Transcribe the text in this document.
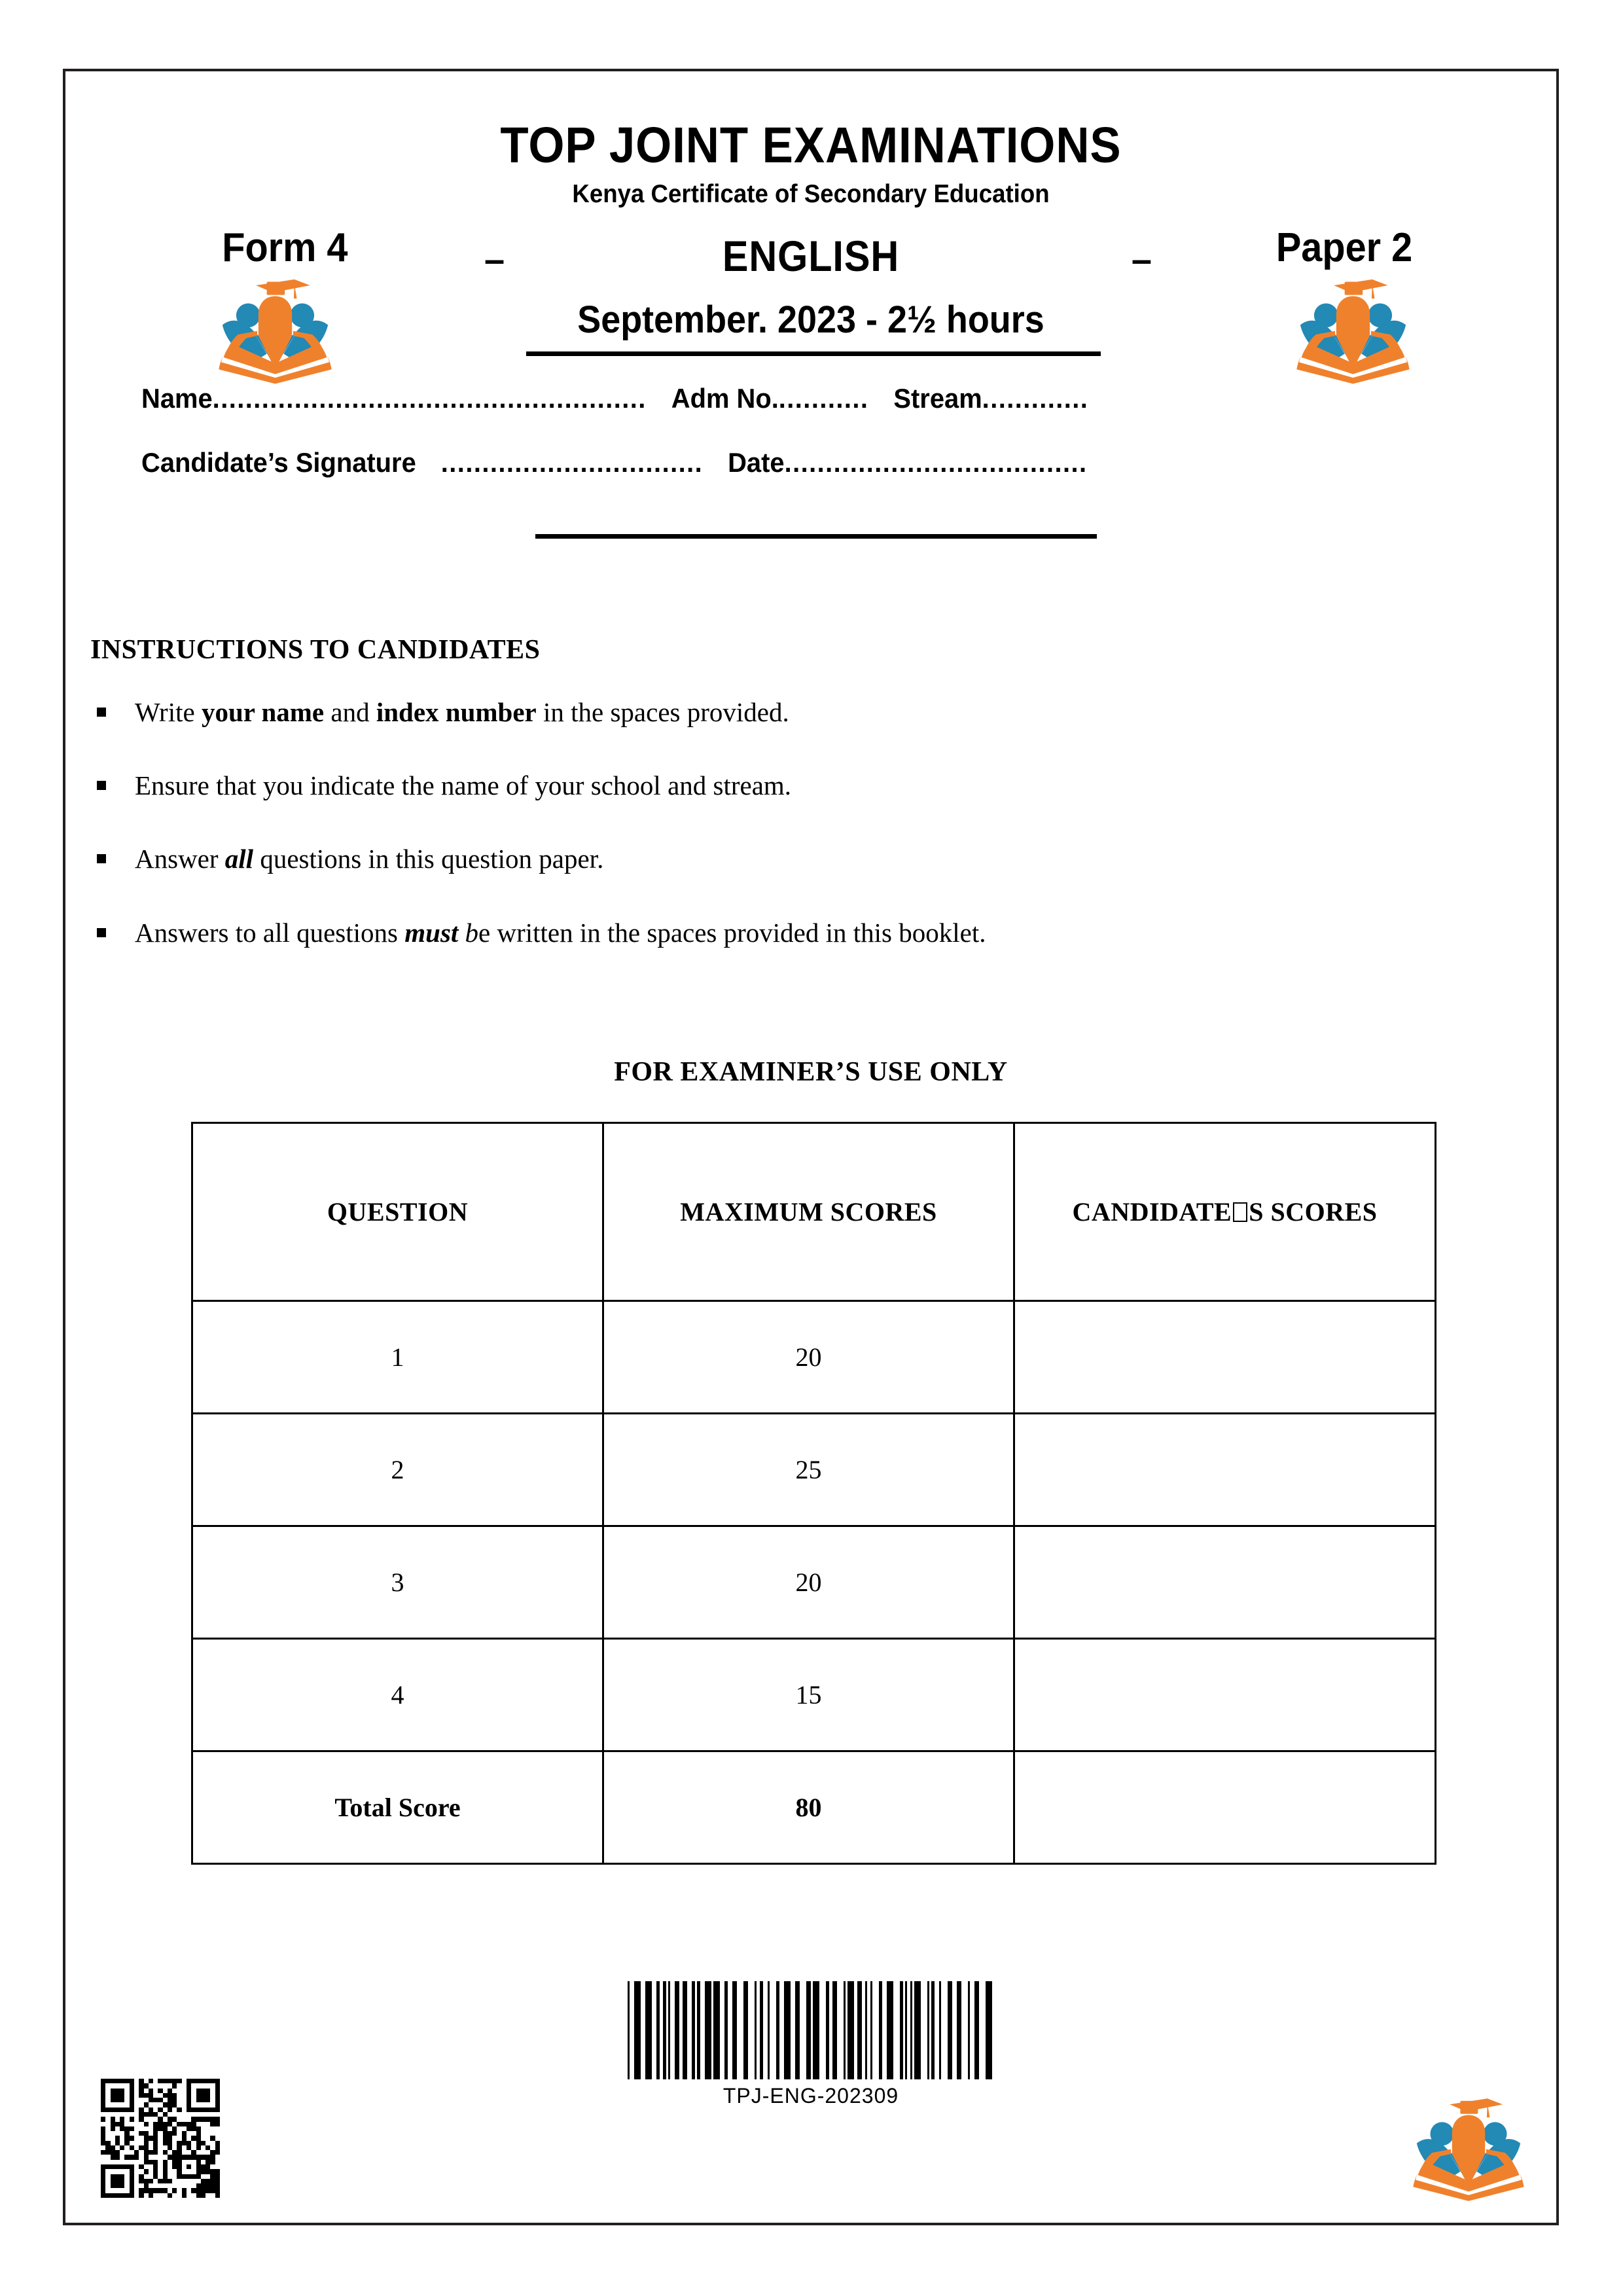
TOP JOINT EXAMINATIONS
Kenya Certificate of Secondary Education
Form 4	–	ENGLISH	–	Paper 2
September. 2023 - 2½ hours
Name ..................................................... Adm No. ........... Stream .............
Candidate’s Signature ................................ Date .....................................
INSTRUCTIONS TO CANDIDATES
Write your name and index number in the spaces provided.
Ensure that you indicate the name of your school and stream.
Answer all questions in this question paper.
Answers to all questions must be written in the spaces provided in this booklet.
FOR EXAMINER’S USE ONLY
QUESTION	MAXIMUM SCORES	CANDIDATE S SCORES
1	20	
2	25	
3	20	
4	15	
Total Score	80	
TPJ-ENG-202309
